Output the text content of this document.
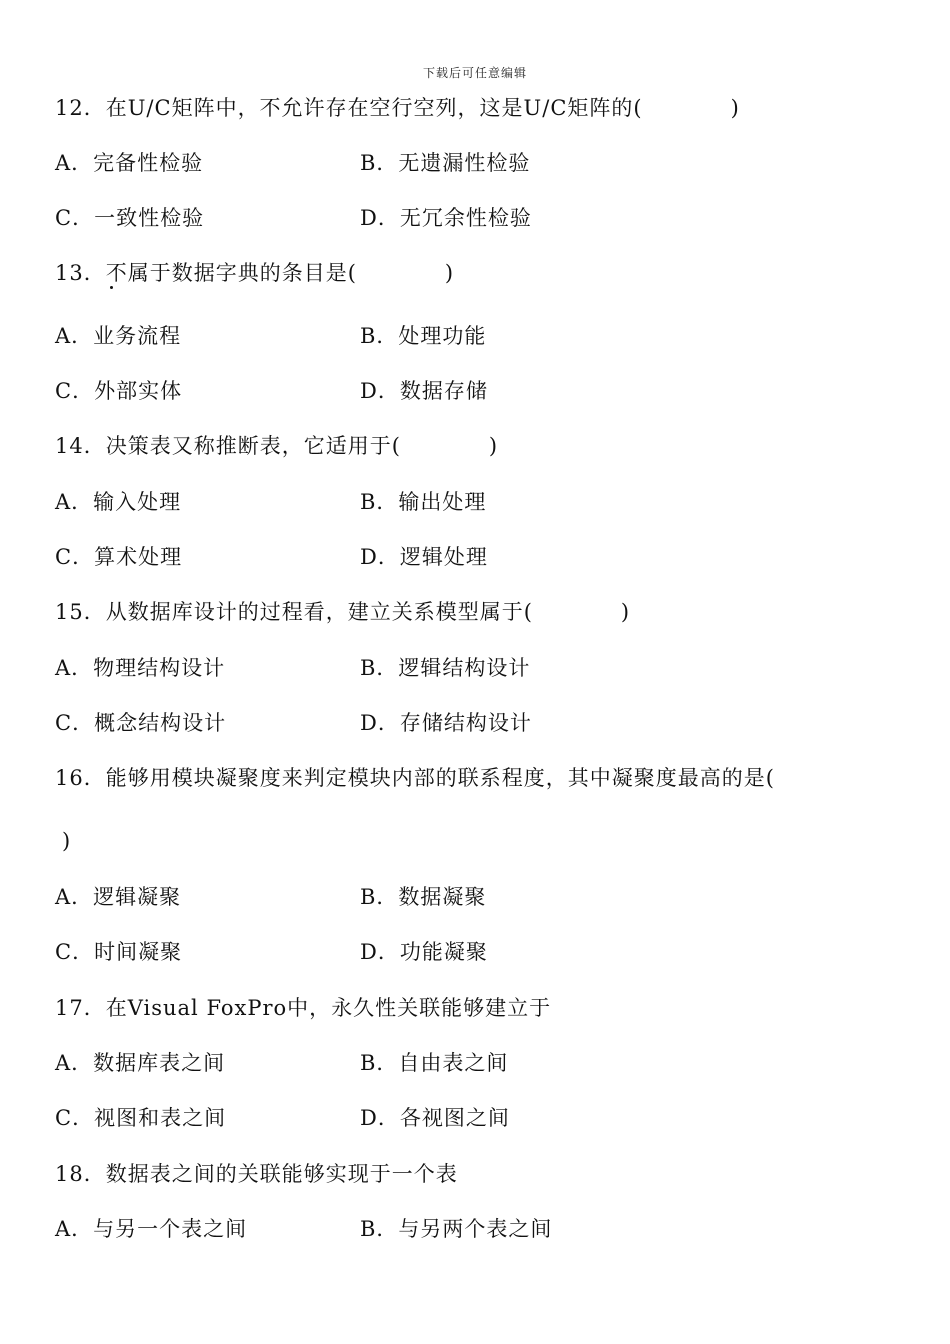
下载后可任意编辑
12．在U/C矩阵中，不允许存在空行空列，这是U/C矩阵的(　　　　)
A．完备性检验	B．无遗漏性检验
C．一致性检验	D．无冗余性检验
13．不属于数据字典的条目是(　　　　)
A．业务流程	B．处理功能
C．外部实体	D．数据存储
14．决策表又称推断表，它适用于(　　　　)
A．输入处理	B．输出处理
C．算术处理	D．逻辑处理
15．从数据库设计的过程看，建立关系模型属于(　　　　)
A．物理结构设计	B．逻辑结构设计
C．概念结构设计	D．存储结构设计
16．能够用模块凝聚度来判定模块内部的联系程度，其中凝聚度最高的是(
)
A．逻辑凝聚	B．数据凝聚
C．时间凝聚	D．功能凝聚
17．在Visual FoxPro中，永久性关联能够建立于
A．数据库表之间	B．自由表之间
C．视图和表之间	D．各视图之间
18．数据表之间的关联能够实现于一个表
A．与另一个表之间	B．与另两个表之间
